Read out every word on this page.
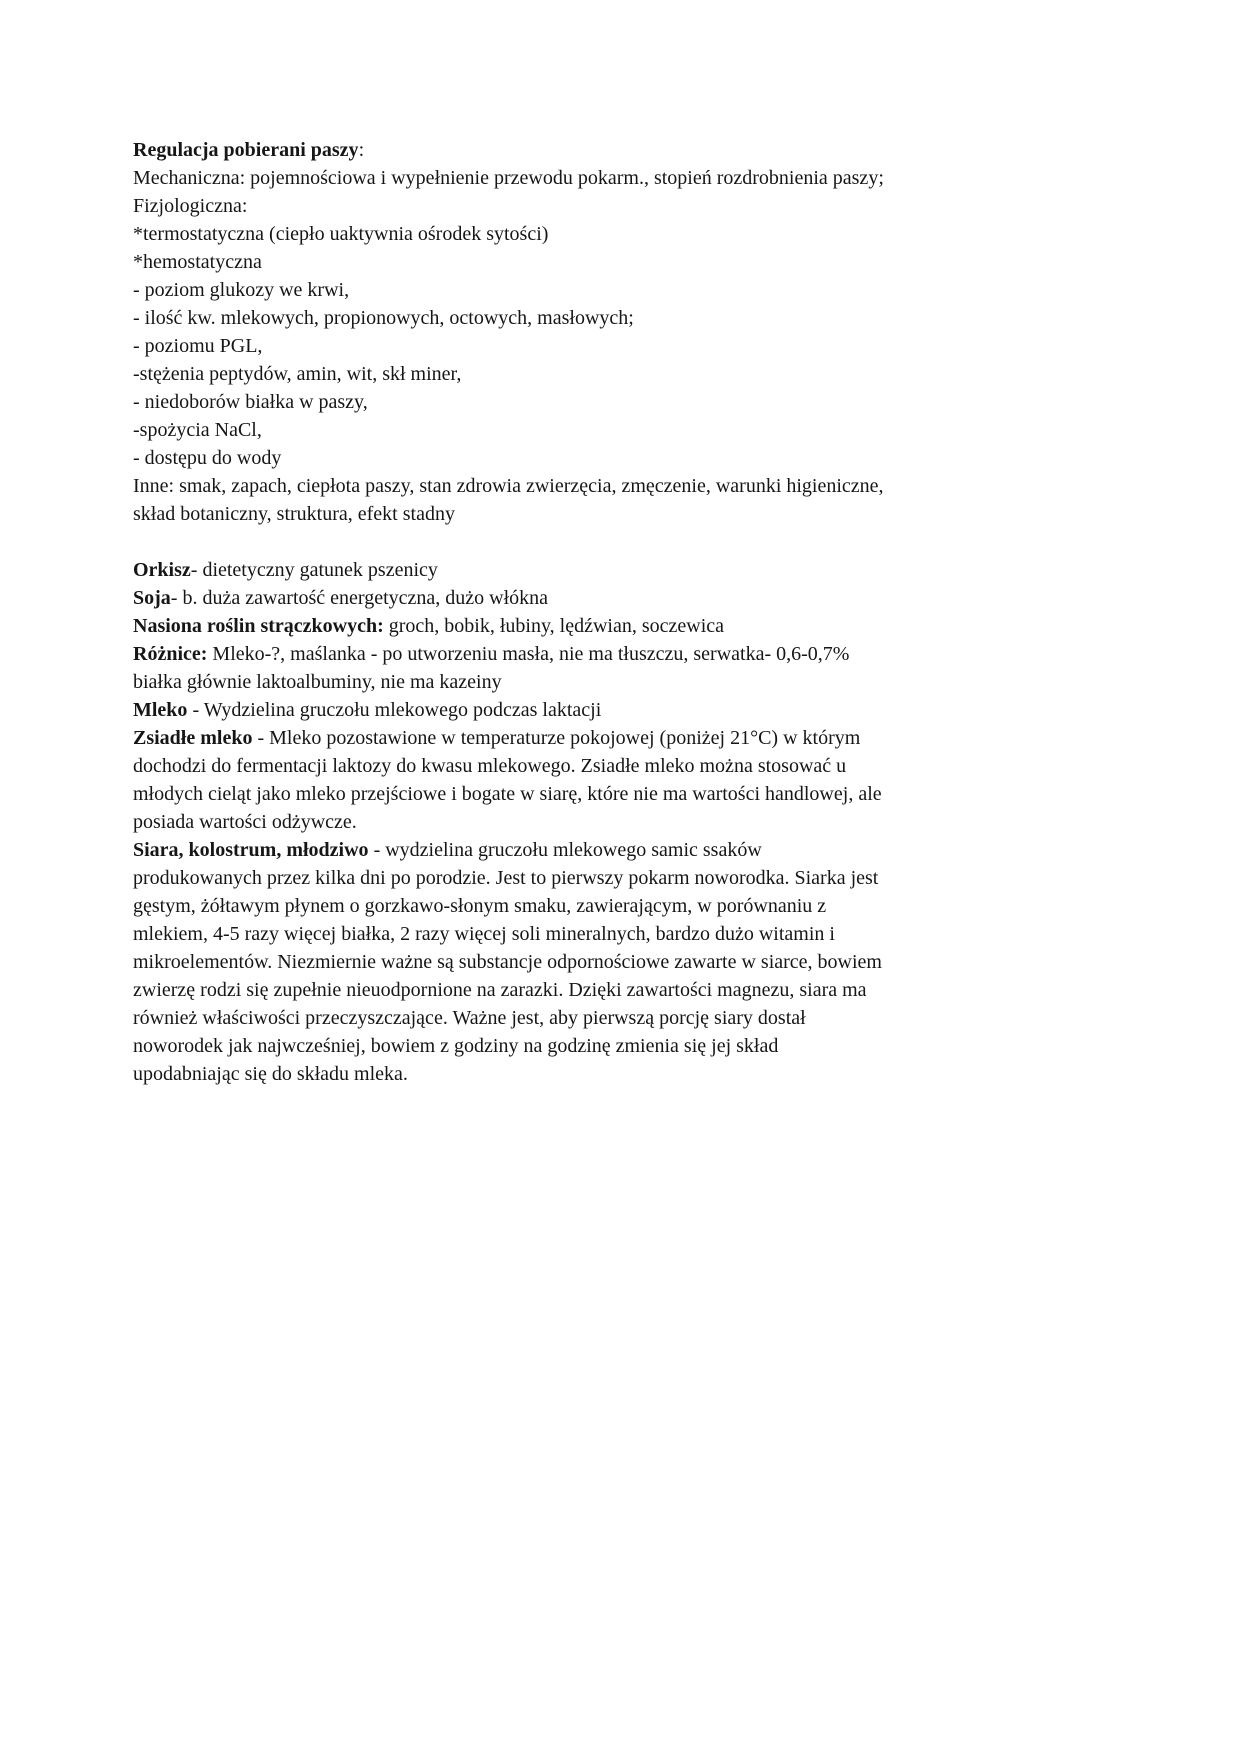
Regulacja pobierani paszy:
Mechaniczna: pojemnościowa i wypełnienie przewodu pokarm., stopień rozdrobnienia paszy;
Fizjologiczna:
*termostatyczna (ciepło uaktywnia ośrodek sytości)
*hemostatyczna
- poziom glukozy we krwi,
- ilość kw. mlekowych, propionowych, octowych, masłowych;
- poziomu PGL,
-stężenia peptydów, amin, wit, skł miner,
- niedoborów białka w paszy,
-spożycia NaCl,
- dostępu do wody
Inne: smak, zapach, ciepłota paszy, stan zdrowia zwierzęcia, zmęczenie, warunki higieniczne,
skład botaniczny, struktura, efekt stadny

Orkisz- dietetyczny gatunek pszenicy
Soja- b. duża zawartość energetyczna, dużo włókna
Nasiona roślin strączkowych: groch, bobik, łubiny, lędźwian, soczewica
Różnice: Mleko-?, maślanka - po utworzeniu masła, nie ma tłuszczu, serwatka- 0,6-0,7%
białka głównie laktoalbuminy, nie ma kazeiny
Mleko - Wydzielina gruczołu mlekowego podczas laktacji
Zsiadłe mleko - Mleko pozostawione w temperaturze pokojowej (poniżej 21°C) w którym
dochodzi do fermentacji laktozy do kwasu mlekowego. Zsiadłe mleko można stosować u
młodych cieląt jako mleko przejściowe i bogate w siarę, które nie ma wartości handlowej, ale
posiada wartości odżywcze.
Siara, kolostrum, młodziwo - wydzielina gruczołu mlekowego samic ssaków
produkowanych przez kilka dni po porodzie. Jest to pierwszy pokarm noworodka. Siarka jest
gęstym, żółtawym płynem o gorzkawo-słonym smaku, zawierającym, w porównaniu z
mlekiem, 4-5 razy więcej białka, 2 razy więcej soli mineralnych, bardzo dużo witamin i
mikroelementów. Niezmiernie ważne są substancje odpornościowe zawarte w siarce, bowiem
zwierzę rodzi się zupełnie nieuodpornione na zarazki. Dzięki zawartości magnezu, siara ma
również właściwości przeczyszczające. Ważne jest, aby pierwszą porcję siary dostał
noworodek jak najwcześniej, bowiem z godziny na godzinę zmienia się jej skład
upodabniając się do składu mleka.
